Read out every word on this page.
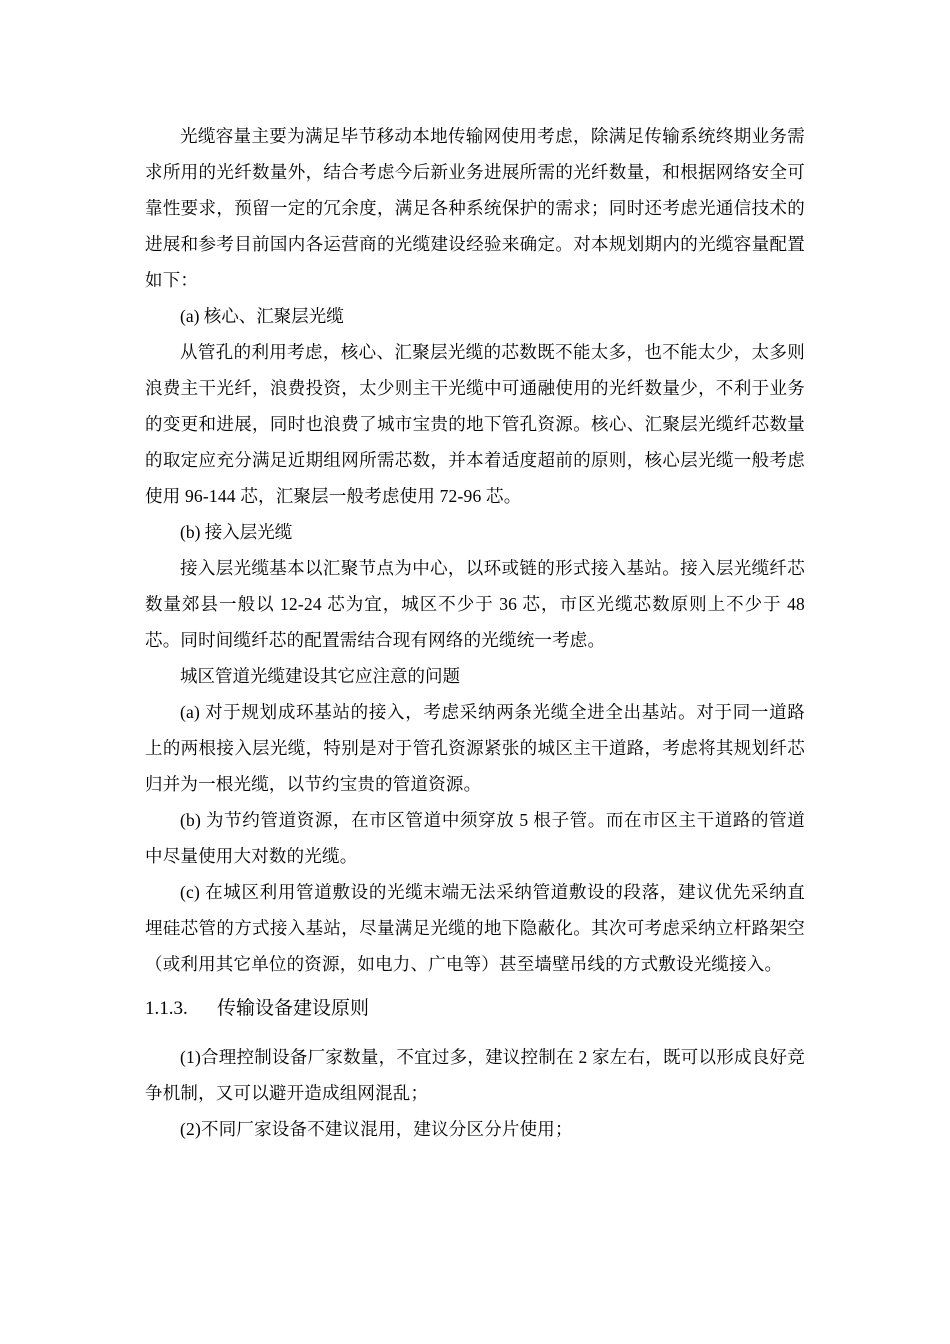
光缆容量主要为满足毕节移动本地传输网使用考虑，除满足传输系统终期业务需求所用的光纤数量外，结合考虑今后新业务进展所需的光纤数量，和根据网络安全可靠性要求，预留一定的冗余度，满足各种系统保护的需求；同时还考虑光通信技术的进展和参考目前国内各运营商的光缆建设经验来确定。对本规划期内的光缆容量配置如下：

(a) 核心、汇聚层光缆

从管孔的利用考虑，核心、汇聚层光缆的芯数既不能太多，也不能太少，太多则浪费主干光纤，浪费投资，太少则主干光缆中可通融使用的光纤数量少，不利于业务的变更和进展，同时也浪费了城市宝贵的地下管孔资源。核心、汇聚层光缆纤芯数量的取定应充分满足近期组网所需芯数，并本着适度超前的原则，核心层光缆一般考虑使用 96-144 芯，汇聚层一般考虑使用 72-96 芯。

(b) 接入层光缆

接入层光缆基本以汇聚节点为中心，以环或链的形式接入基站。接入层光缆纤芯数量郊县一般以 12-24 芯为宜，城区不少于 36 芯，市区光缆芯数原则上不少于 48 芯。同时间缆纤芯的配置需结合现有网络的光缆统一考虑。

城区管道光缆建设其它应注意的问题

(a) 对于规划成环基站的接入，考虑采纳两条光缆全进全出基站。对于同一道路上的两根接入层光缆，特别是对于管孔资源紧张的城区主干道路，考虑将其规划纤芯归并为一根光缆，以节约宝贵的管道资源。

(b) 为节约管道资源，在市区管道中须穿放 5 根子管。而在市区主干道路的管道中尽量使用大对数的光缆。

(c) 在城区利用管道敷设的光缆末端无法采纳管道敷设的段落，建议优先采纳直埋硅芯管的方式接入基站，尽量满足光缆的地下隐蔽化。其次可考虑采纳立杆路架空（或利用其它单位的资源，如电力、广电等）甚至墙壁吊线的方式敷设光缆接入。

1.1.3.	传输设备建设原则

(1)合理控制设备厂家数量，不宜过多，建议控制在 2 家左右，既可以形成良好竞争机制，又可以避开造成组网混乱；

(2)不同厂家设备不建议混用，建议分区分片使用；
